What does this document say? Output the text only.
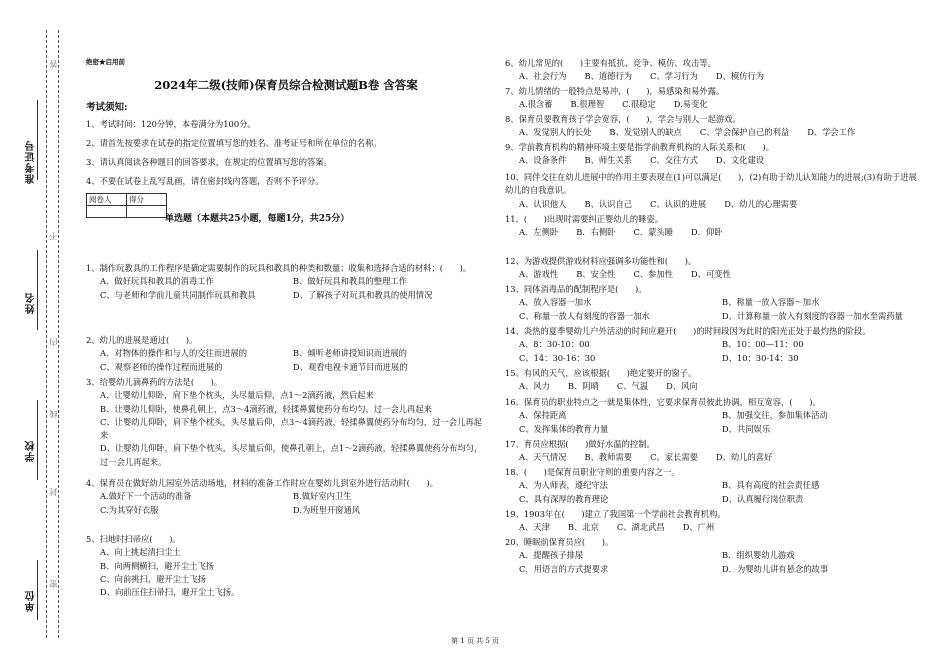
准考证号
姓名
学校
单位
答
不
内
线
封
密
绝密★启用前
2024年二级(技师)保育员综合检测试题B卷 含答案
考试须知:
1、考试时间：120分钟，本卷满分为100分。
2、请首先按要求在试卷的指定位置填写您的姓名、准考证号和所在单位的名称。
3、请认真阅读各种题目的回答要求，在规定的位置填写您的答案。
4、不要在试卷上乱写乱画，请在密封线内答题，否则不予评分。
阅卷人	得分

单选题（本题共25小题，每题1分，共25分）
1、制作玩教具的工作程序是确定需要制作的玩具和教具的种类和数量；收集和选择合适的材料；(　　)。
A、做好玩具和教具的消毒工作	B、做好玩具和教具的整理工作
C、与老师和学前儿童共同制作玩具和教具	D、了解孩子对玩具和教具的使用情况
2、幼儿的进展是通过(　　)。
A、对物体的操作和与人的交往而进展的	B、倾听老师讲授知识而进展的
C、观察老师的操作过程而进展的	D、观看电视卡通节目而进展的
3、给婴幼儿滴鼻药的方法是(　　)。
A、让婴幼儿仰卧，肩下垫个枕头，头尽量后仰，点1～2滴药液，然后起来
B、让婴幼儿仰卧，使鼻孔朝上，点3～4滴药液，轻揉鼻翼使药分布均匀，过一会儿再起来
C、让婴幼儿仰卧，肩下垫个枕头，头尽量后仰，点3～4滴药液，轻揉鼻翼使药分布均匀，过一会儿再起来
D、让婴幼儿仰卧，肩下垫个枕头，头尽量后仰，使鼻孔朝上，点1～2滴药液，轻揉鼻翼使药分布均匀，过一会儿再起来。
4、保育员在做好幼儿园室外活动场地，材料的准备工作时应在婴幼儿到室外进行活动时(　　)。
A.做好下一个活动的准备	B.做好室内卫生
C.为其穿好衣服	D.为班里开窗通风
5、扫地时扫帚应(　　)。
A、向上挑起清扫尘土
B、向两侧横扫，避开尘土飞扬
C、向前挑扫，避开尘土飞扬
D、向前压住扫帚扫，避开尘土飞扬。
6、幼儿常见的(　　)主要有抵抗、竞争、模仿、攻击等。
A、社会行为 B、道德行为 C、学习行为 D、模仿行为
7、幼儿情绪的一般特点是易冲，(　　)，易感染和易外露。
A.很含蓄 B.很理智 C.很稳定 D.易变化
8、保育员要教育孩子学会宽容，(　　)，学会与别人一起游戏。
A、发觉别人的长处 B、发觉别人的缺点 C、学会保护自己的利益 D、学会工作
9、学前教育机构的精神环境主要是指学前教育机构的人际关系和(　　)。
A、设备条件 B、师生关系 C、交往方式 D、文化建设
10、同伴交往在幼儿进展中的作用主要表现在(1)可以满足(　　)，(2)有助于幼儿认知能力的进展;(3)有助于进展幼儿的自我意识。
A、认识他人 B、认识自己 C、认识的进展 D、幼儿的心理需要
11、(　　)出现时需要纠正婴幼儿的睡姿。
A．左侧卧 B．右侧卧 C．蒙头睡 D．仰卧
12、为游戏提供游戏材料应强调多功能性和(　　)。
A、游戏性 B、安全性 C、参加性 D、可变性
13、同体消毒品的配制程序是(　　)。
A、放入容器一加水	B、称量一放入容器～加水
C、称量一放人有刻度的容器一加水	D、计算称量一放入有刻度的容器一加水至需药量
14、炎热的夏季婴幼儿户外活动的时间应避开(　　)的时间段因为此时的阳光正处于最灼热的阶段。
A、8：30-10：00	B、10：00—11：00
C、14：30-16：30	D、10：30-14：30
15、有风的天气，应该根据(　　)绝定要开的窗子。
A、风力 B、阴晴 C、气温 D、风向
16、保育员的职业特点之一就是集体性，它要求保育员彼此协调，相互宽容，(　　)。
A、保持距离	B、加强交往，参加集体活动
C、发挥集体的教育力量	D、共同娱乐
17、育员应根据(　　)做好水温的控制。
A、天气情况 B、教师需要 C、家长需要 D、幼儿的喜好
18、(　　)是保育员职业守则的重要内容之一。
A、为人师表，遵纪守法	B、具有高度的社会责任感
C、具有深厚的教育理论	D、认真履行岗位职责
19、1903年在(　　)建立了我国第一个学前社会教育机构。
A、天津 B、北京 C、湖北武昌 D、广州
20、睡眠前保育员应(　　)。
A．提醒孩子排尿	B．组织婴幼儿游戏
C．用语言的方式提要求	D．为婴幼儿讲有悬念的故事
第 1 页 共 5 页
